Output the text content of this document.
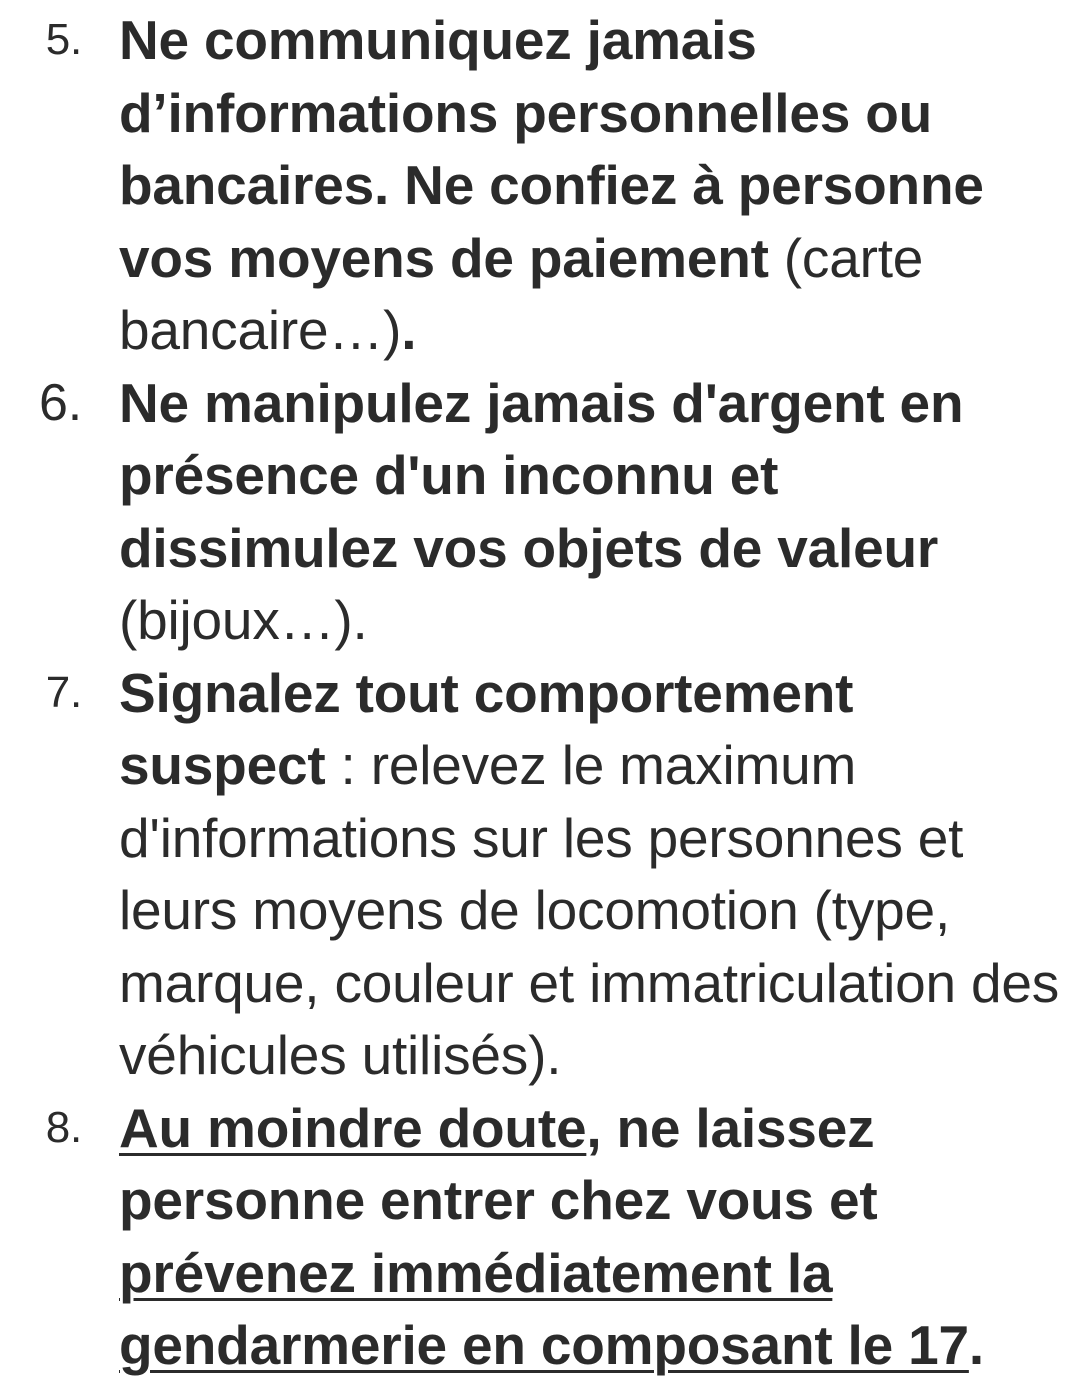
5. Ne communiquez jamais d’informations personnelles ou bancaires. Ne confiez à personne vos moyens de paiement (carte bancaire…).
6. Ne manipulez jamais d'argent en présence d'un inconnu et dissimulez vos objets de valeur (bijoux…).
7. Signalez tout comportement suspect : relevez le maximum d'informations sur les personnes et leurs moyens de locomotion (type, marque, couleur et immatriculation des véhicules utilisés).
8. Au moindre doute, ne laissez personne entrer chez vous et prévenez immédiatement la gendarmerie en composant le 17.
